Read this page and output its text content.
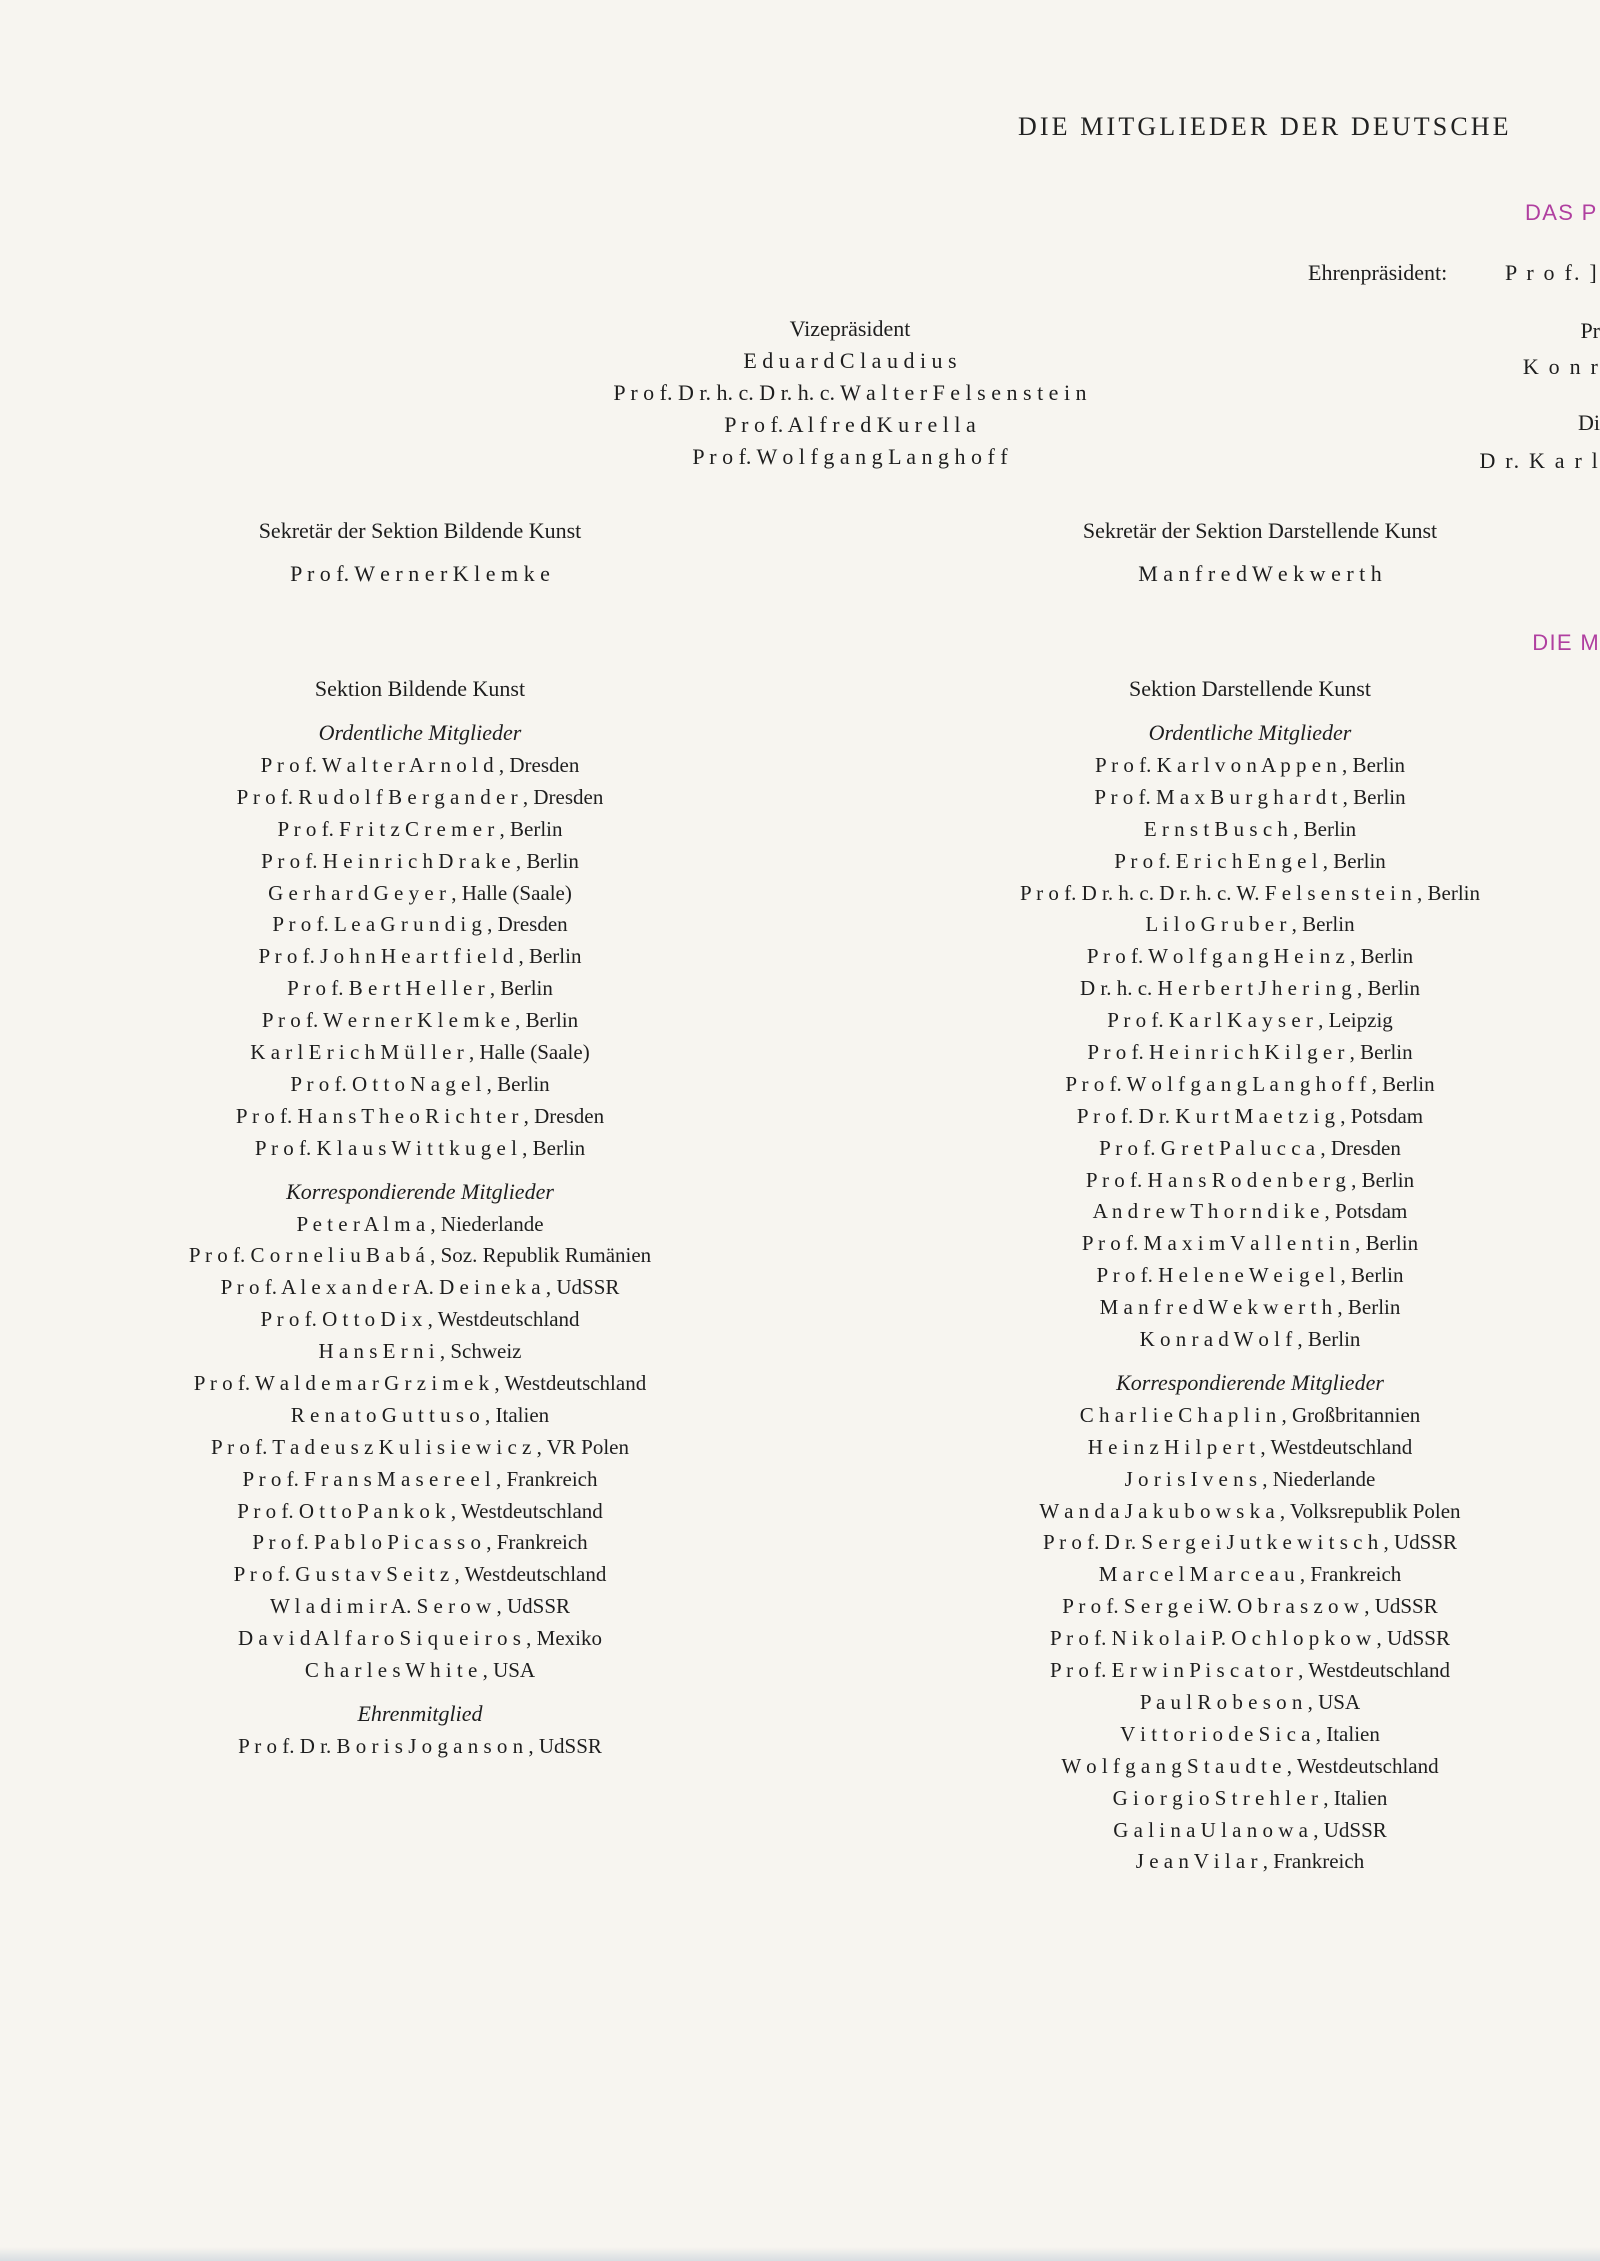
DIE MITGLIEDER DER DEUTSCHE
DAS P
Ehrenpräsident:	P r o f. ]
Pr
K o n r
Di
D r. K a r l
DIE M
Vizepräsident
E d u a r d C l a u d i u s
P r o f. D r. h. c. D r. h. c. W a l t e r F e l s e n s t e i n
P r o f. A l f r e d K u r e l l a
P r o f. W o l f g a n g L a n g h o f f
Sekretär der Sektion Bildende Kunst
P r o f. W e r n e r K l e m k e
Sekretär der Sektion Darstellende Kunst
M a n f r e d W e k w e r t h
Sektion Bildende Kunst
Ordentliche Mitglieder
P r o f. W a l t e r A r n o l d , Dresden
P r o f. R u d o l f B e r g a n d e r , Dresden
P r o f. F r i t z C r e m e r , Berlin
P r o f. H e i n r i c h D r a k e , Berlin
G e r h a r d G e y e r , Halle (Saale)
P r o f. L e a G r u n d i g , Dresden
P r o f. J o h n H e a r t f i e l d , Berlin
P r o f. B e r t H e l l e r , Berlin
P r o f. W e r n e r K l e m k e , Berlin
K a r l E r i c h M ü l l e r , Halle (Saale)
P r o f. O t t o N a g e l , Berlin
P r o f. H a n s T h e o R i c h t e r , Dresden
P r o f. K l a u s W i t t k u g e l , Berlin
Korrespondierende Mitglieder
P e t e r A l m a , Niederlande
P r o f. C o r n e l i u B a b á , Soz. Republik Rumänien
P r o f. A l e x a n d e r A. D e i n e k a , UdSSR
P r o f. O t t o D i x , Westdeutschland
H a n s E r n i , Schweiz
P r o f. W a l d e m a r G r z i m e k , Westdeutschland
R e n a t o G u t t u s o , Italien
P r o f. T a d e u s z K u l i s i e w i c z , VR Polen
P r o f. F r a n s M a s e r e e l , Frankreich
P r o f. O t t o P a n k o k , Westdeutschland
P r o f. P a b l o P i c a s s o , Frankreich
P r o f. G u s t a v S e i t z , Westdeutschland
W l a d i m i r A. S e r o w , UdSSR
D a v i d A l f a r o S i q u e i r o s , Mexiko
C h a r l e s W h i t e , USA
Ehrenmitglied
P r o f. D r. B o r i s J o g a n s o n , UdSSR
Sektion Darstellende Kunst
Ordentliche Mitglieder
P r o f. K a r l v o n A p p e n , Berlin
P r o f. M a x B u r g h a r d t , Berlin
E r n s t B u s c h , Berlin
P r o f. E r i c h E n g e l , Berlin
P r o f. D r. h. c. D r. h. c. W. F e l s e n s t e i n , Berlin
L i l o G r u b e r , Berlin
P r o f. W o l f g a n g H e i n z , Berlin
D r. h. c. H e r b e r t J h e r i n g , Berlin
P r o f. K a r l K a y s e r , Leipzig
P r o f. H e i n r i c h K i l g e r , Berlin
P r o f. W o l f g a n g L a n g h o f f , Berlin
P r o f. D r. K u r t M a e t z i g , Potsdam
P r o f. G r e t P a l u c c a , Dresden
P r o f. H a n s R o d e n b e r g , Berlin
A n d r e w T h o r n d i k e , Potsdam
P r o f. M a x i m V a l l e n t i n , Berlin
P r o f. H e l e n e W e i g e l , Berlin
M a n f r e d W e k w e r t h , Berlin
K o n r a d W o l f , Berlin
Korrespondierende Mitglieder
C h a r l i e C h a p l i n , Großbritannien
H e i n z H i l p e r t , Westdeutschland
J o r i s I v e n s , Niederlande
W a n d a J a k u b o w s k a , Volksrepublik Polen
P r o f. D r. S e r g e i J u t k e w i t s c h , UdSSR
M a r c e l M a r c e a u , Frankreich
P r o f. S e r g e i W. O b r a s z o w , UdSSR
P r o f. N i k o l a i P. O c h l o p k o w , UdSSR
P r o f. E r w i n P i s c a t o r , Westdeutschland
P a u l R o b e s o n , USA
V i t t o r i o d e S i c a , Italien
W o l f g a n g S t a u d t e , Westdeutschland
G i o r g i o S t r e h l e r , Italien
G a l i n a U l a n o w a , UdSSR
J e a n V i l a r , Frankreich
